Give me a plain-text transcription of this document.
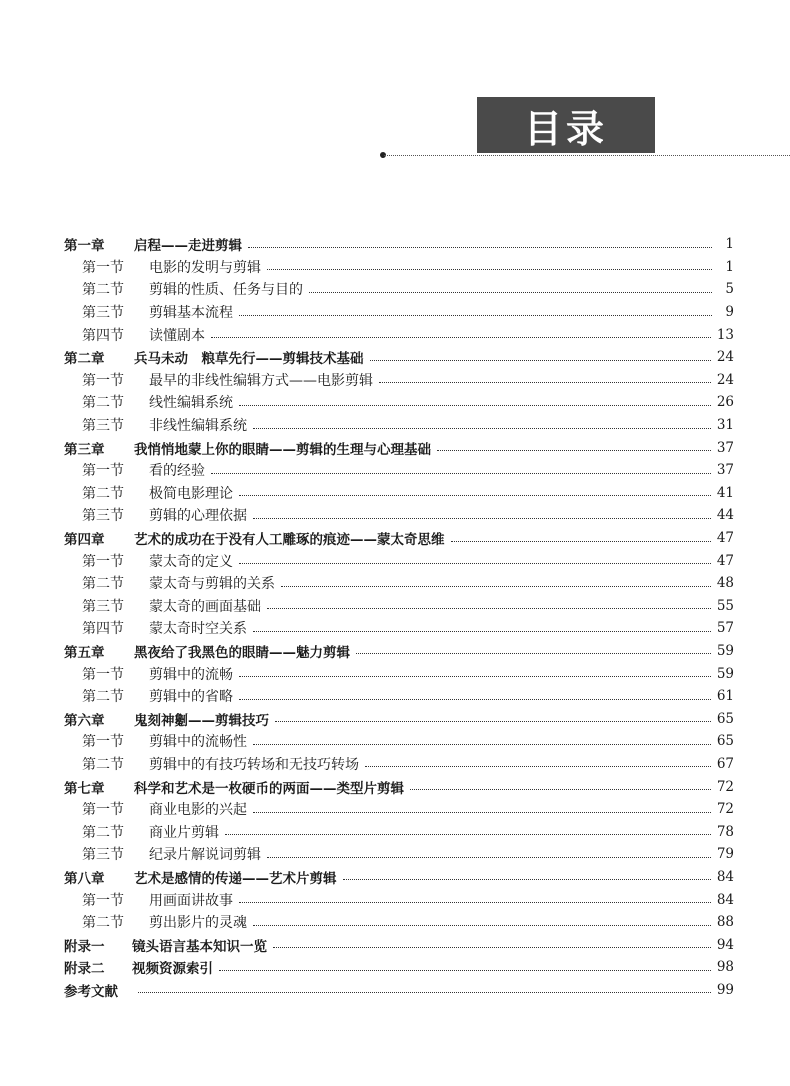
目录
第一章	启程——走进剪辑	1
第一节	电影的发明与剪辑	1
第二节	剪辑的性质、任务与目的	5
第三节	剪辑基本流程	9
第四节	读懂剧本	13
第二章	兵马未动　粮草先行——剪辑技术基础	24
第一节	最早的非线性编辑方式——电影剪辑	24
第二节	线性编辑系统	26
第三节	非线性编辑系统	31
第三章	我悄悄地蒙上你的眼睛——剪辑的生理与心理基础	37
第一节	看的经验	37
第二节	极简电影理论	41
第三节	剪辑的心理依据	44
第四章	艺术的成功在于没有人工雕琢的痕迹——蒙太奇思维	47
第一节	蒙太奇的定义	47
第二节	蒙太奇与剪辑的关系	48
第三节	蒙太奇的画面基础	55
第四节	蒙太奇时空关系	57
第五章	黑夜给了我黑色的眼睛——魅力剪辑	59
第一节	剪辑中的流畅	59
第二节	剪辑中的省略	61
第六章	鬼刻神劖——剪辑技巧	65
第一节	剪辑中的流畅性	65
第二节	剪辑中的有技巧转场和无技巧转场	67
第七章	科学和艺术是一枚硬币的两面——类型片剪辑	72
第一节	商业电影的兴起	72
第二节	商业片剪辑	78
第三节	纪录片解说词剪辑	79
第八章	艺术是感情的传递——艺术片剪辑	84
第一节	用画面讲故事	84
第二节	剪出影片的灵魂	88
附录一	镜头语言基本知识一览	94
附录二	视频资源索引	98
参考文献	99
